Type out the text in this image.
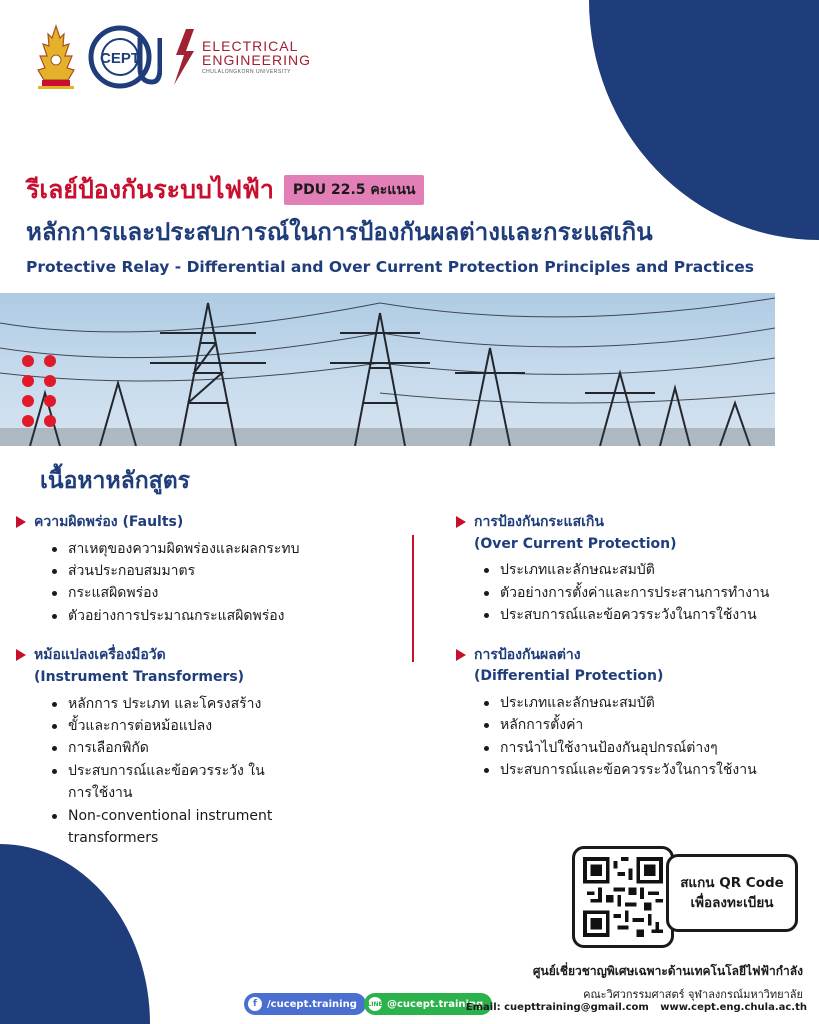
CEPT
ELECTRICAL
ENGINEERING
CHULALONGKORN UNIVERSITY
รีเลย์ป้องกันระบบไฟฟ้า	PDU 22.5 คะแนน
หลักการและประสบการณ์ในการป้องกันผลต่างและกระแสเกิน
Protective Relay - Differential and Over Current Protection Principles and Practices
เนื้อหาหลักสูตร
ความผิดพร่อง (Faults)
สาเหตุของความผิดพร่องและผลกระทบ
ส่วนประกอบสมมาตร
กระแสผิดพร่อง
ตัวอย่างการประมาณกระแสผิดพร่อง
หม้อแปลงเครื่องมือวัด
(Instrument Transformers)
หลักการ ประเภท และโครงสร้าง
ขั้วและการต่อหม้อแปลง
การเลือกพิกัด
ประสบการณ์และข้อควรระวัง ในการใช้งาน
Non-conventional instrument transformers
การป้องกันกระแสเกิน
(Over Current Protection)
ประเภทและลักษณะสมบัติ
ตัวอย่างการตั้งค่าและการประสานการทำงาน
ประสบการณ์และข้อควรระวังในการใช้งาน
การป้องกันผลต่าง
(Differential Protection)
ประเภทและลักษณะสมบัติ
หลักการตั้งค่า
การนำไปใช้งานป้องกันอุปกรณ์ต่างๆ
ประสบการณ์และข้อควรระวังในการใช้งาน
สแกน QR Code
เพื่อลงทะเบียน
ศูนย์เชี่ยวชาญพิเศษเฉพาะด้านเทคโนโลยีไฟฟ้ากำลัง
คณะวิศวกรรมศาสตร์ จุฬาลงกรณ์มหาวิทยาลัย
f	/cucept.training LINE @cucept.training
Email: cuepttraining@gmail.com www.cept.eng.chula.ac.th
